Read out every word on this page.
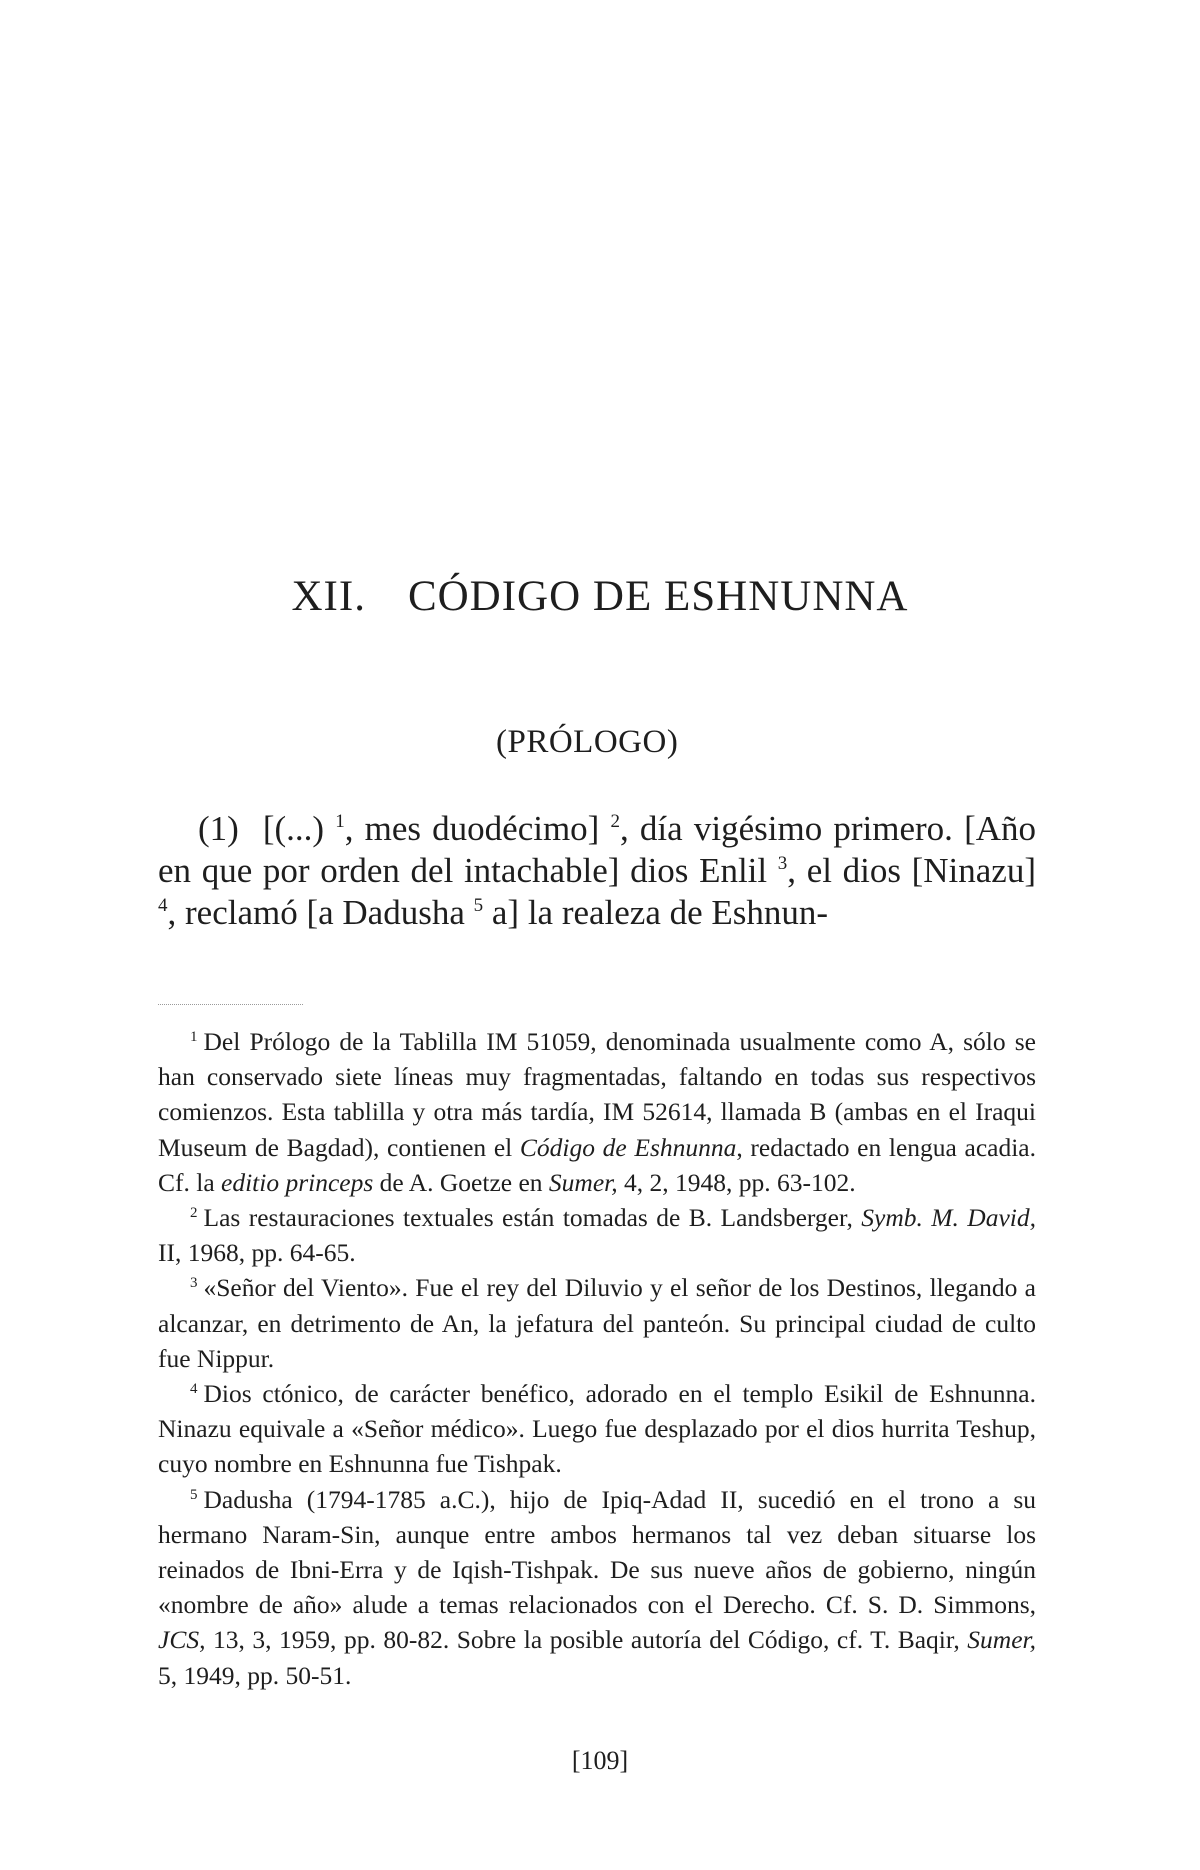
XII. CÓDIGO DE ESHNUNNA
(PRÓLOGO)
(1) [(...) $^1$, mes duodécimo] $^2$, día vigésimo primero. [Año en que por orden del intachable] dios Enlil $^3$, el dios [Ninazu] $^4$, reclamó [a Dadusha $^5$ a] la realeza de Eshnun-

$^1$ Del Prólogo de la Tablilla IM 51059, denominada usualmente como A, sólo se han conservado siete líneas muy fragmentadas, faltando en todas sus respectivos comienzos. Esta tablilla y otra más tardía, IM 52614, llamada B (ambas en el Iraqui Museum de Bagdad), contienen el Código de Eshnunna, redactado en lengua acadia. Cf. la editio princeps de A. Goetze en Sumer, 4, 2, 1948, pp. 63-102.

$^2$ Las restauraciones textuales están tomadas de B. Landsberger, Symb. M. David, II, 1968, pp. 64-65.

$^3$ «Señor del Viento». Fue el rey del Diluvio y el señor de los Destinos, llegando a alcanzar, en detrimento de An, la jefatura del panteón. Su principal ciudad de culto fue Nippur.

$^4$ Dios ctónico, de carácter benéfico, adorado en el templo Esikil de Eshnunna. Ninazu equivale a «Señor médico». Luego fue desplazado por el dios hurrita Teshup, cuyo nombre en Eshnunna fue Tishpak.

$^5$ Dadusha (1794-1785 a.C.), hijo de Ipiq-Adad II, sucedió en el trono a su hermano Naram-Sin, aunque entre ambos hermanos tal vez deban situarse los reinados de Ibni-Erra y de Iqish-Tishpak. De sus nueve años de gobierno, ningún «nombre de año» alude a temas relacionados con el Derecho. Cf. S. D. Simmons, JCS, 13, 3, 1959, pp. 80-82. Sobre la posible autoría del Código, cf. T. Baqir, Sumer, 5, 1949, pp. 50-51.

[109]
